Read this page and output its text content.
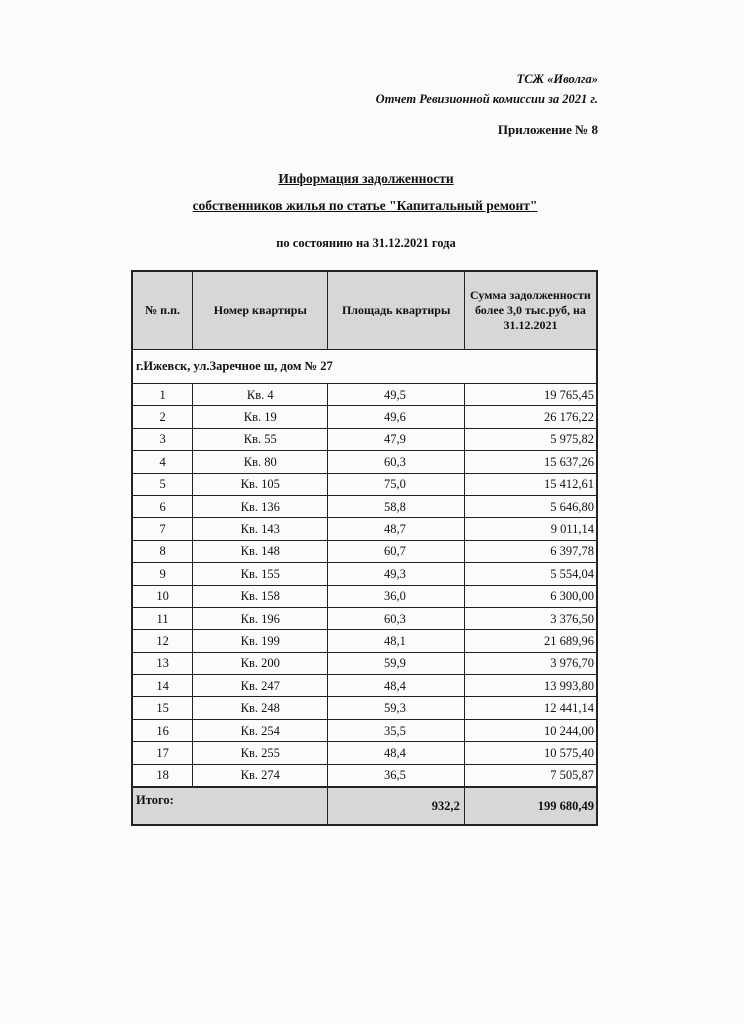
ТСЖ «Иволга»
Отчет Ревизионной комиссии за 2021 г.
Приложение № 8
Информация задолженности
собственников жилья по статье "Капитальный ремонт"
по состоянию на 31.12.2021 года
№ п.п.	Номер квартиры	Площадь квартиры	Сумма задолженности более 3,0 тыс.руб, на 31.12.2021
г.Ижевск, ул.Заречное ш, дом № 27			
1	Кв. 4	49,5	19 765,45
2	Кв. 19	49,6	26 176,22
3	Кв. 55	47,9	5 975,82
4	Кв. 80	60,3	15 637,26
5	Кв. 105	75,0	15 412,61
6	Кв. 136	58,8	5 646,80
7	Кв. 143	48,7	9 011,14
8	Кв. 148	60,7	6 397,78
9	Кв. 155	49,3	5 554,04
10	Кв. 158	36,0	6 300,00
11	Кв. 196	60,3	3 376,50
12	Кв. 199	48,1	21 689,96
13	Кв. 200	59,9	3 976,70
14	Кв. 247	48,4	13 993,80
15	Кв. 248	59,3	12 441,14
16	Кв. 254	35,5	10 244,00
17	Кв. 255	48,4	10 575,40
18	Кв. 274	36,5	7 505,87
Итого:		932,2	199 680,49
